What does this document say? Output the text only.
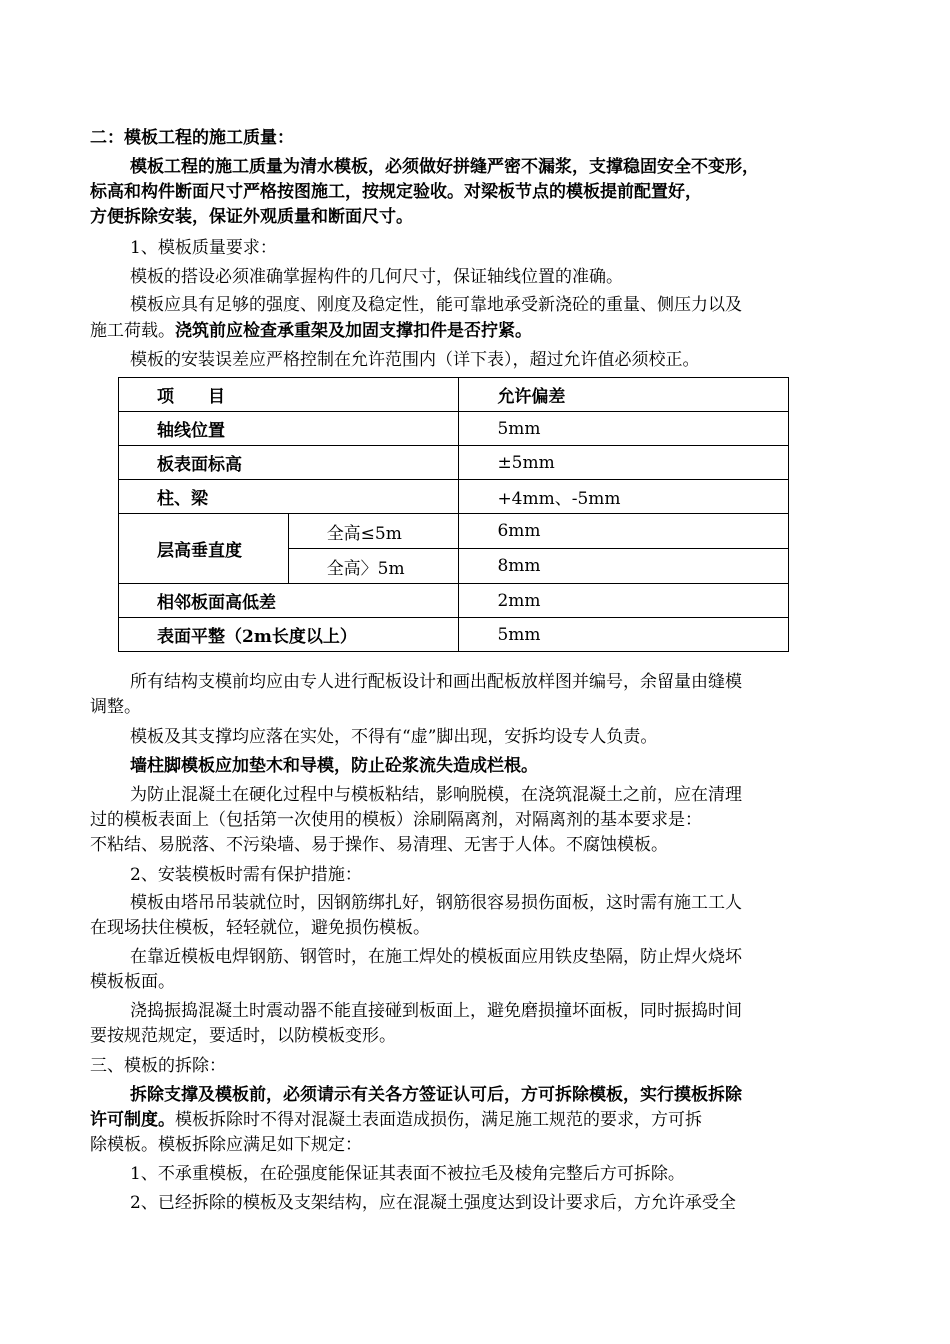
二：模板工程的施工质量：
模板工程的施工质量为清水模板，必须做好拼缝严密不漏浆，支撑稳固安全不变形，
标高和构件断面尺寸严格按图施工，按规定验收。对梁板节点的模板提前配置好，
方便拆除安装，保证外观质量和断面尺寸。
1、模板质量要求：
模板的搭设必须准确掌握构件的几何尺寸，保证轴线位置的准确。
模板应具有足够的强度、刚度及稳定性，能可靠地承受新浇砼的重量、侧压力以及
施工荷载。浇筑前应检查承重架及加固支撑扣件是否拧紧。
模板的安装误差应严格控制在允许范围内（详下表），超过允许值必须校正。
项　　目		允许偏差
轴线位置		5mm
板表面标高		±5mm
柱、梁		+4mm、-5mm
层高垂直度	全高≤5m	6mm
	全高〉5m	8mm
相邻板面高低差		2mm
表面平整（2m长度以上）		5mm
所有结构支模前均应由专人进行配板设计和画出配板放样图并编号，余留量由缝模
调整。
模板及其支撑均应落在实处，不得有“虚”脚出现，安拆均设专人负责。
墙柱脚模板应加垫木和导模，防止砼浆流失造成栏根。
为防止混凝土在硬化过程中与模板粘结，影响脱模，在浇筑混凝土之前，应在清理
过的模板表面上（包括第一次使用的模板）涂刷隔离剂，对隔离剂的基本要求是：
不粘结、易脱落、不污染墙、易于操作、易清理、无害于人体。不腐蚀模板。
2、安装模板时需有保护措施：
模板由塔吊吊装就位时，因钢筋绑扎好，钢筋很容易损伤面板，这时需有施工工人
在现场扶住模板，轻轻就位，避免损伤模板。
在靠近模板电焊钢筋、钢管时，在施工焊处的模板面应用铁皮垫隔，防止焊火烧坏
模板板面。
浇捣振捣混凝土时震动器不能直接碰到板面上，避免磨损撞坏面板，同时振捣时间
要按规范规定，要适时，以防模板变形。
三、模板的拆除：
拆除支撑及模板前，必须请示有关各方签证认可后，方可拆除模板，实行摸板拆除
许可制度。模板拆除时不得对混凝土表面造成损伤，满足施工规范的要求，方可拆
除模板。模板拆除应满足如下规定：
1、不承重模板，在砼强度能保证其表面不被拉毛及棱角完整后方可拆除。
2、已经拆除的模板及支架结构，应在混凝土强度达到设计要求后，方允许承受全
